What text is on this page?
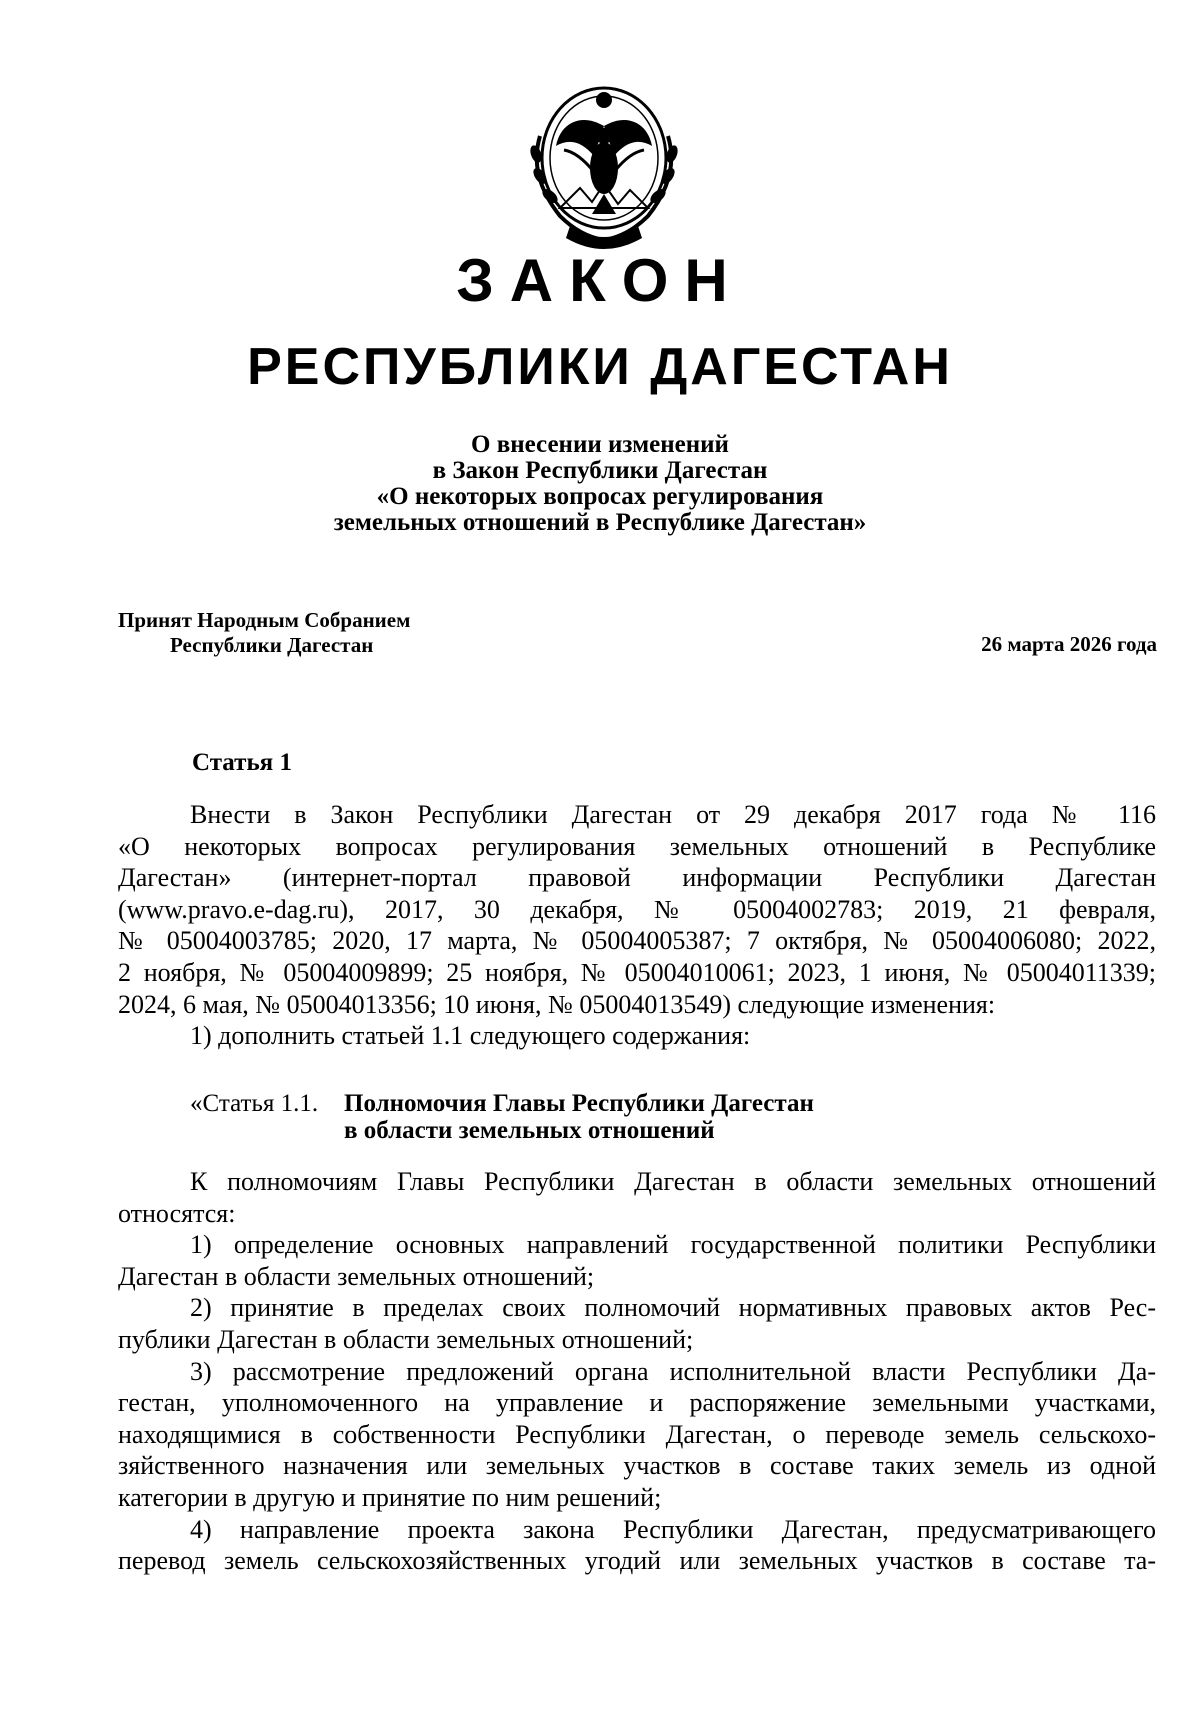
ЗАКОН
РЕСПУБЛИКИ ДАГЕСТАН
О внесении изменений
в Закон Республики Дагестан
«О некоторых вопросах регулирования
земельных отношений в Республике Дагестан»
Принят Народным Собранием
Республики Дагестан	26 марта 2026 года
Статья 1
Внести в Закон Республики Дагестан от 29 декабря 2017 года № 116
«О некоторых вопросах регулирования земельных отношений в Республике
Дагестан» (интернет-портал правовой информации Республики Дагестан
(www.pravo.e-dag.ru), 2017, 30 декабря, № 05004002783; 2019, 21 февраля,
№ 05004003785; 2020, 17 марта, № 05004005387; 7 октября, № 05004006080; 2022,
2 ноября, № 05004009899; 25 ноября, № 05004010061; 2023, 1 июня, № 05004011339;
2024, 6 мая, № 05004013356; 10 июня, № 05004013549) следующие изменения:
1) дополнить статьей 1.1 следующего содержания:
«Статья 1.1. Полномочия Главы Республики Дагестан
в области земельных отношений
К полномочиям Главы Республики Дагестан в области земельных отношений
относятся:
1) определение основных направлений государственной политики Республики
Дагестан в области земельных отношений;
2) принятие в пределах своих полномочий нормативных правовых актов Рес-
публики Дагестан в области земельных отношений;
3) рассмотрение предложений органа исполнительной власти Республики Да-
гестан, уполномоченного на управление и распоряжение земельными участками,
находящимися в собственности Республики Дагестан, о переводе земель сельскохо-
зяйственного назначения или земельных участков в составе таких земель из одной
категории в другую и принятие по ним решений;
4) направление проекта закона Республики Дагестан, предусматривающего
перевод земель сельскохозяйственных угодий или земельных участков в составе та-
